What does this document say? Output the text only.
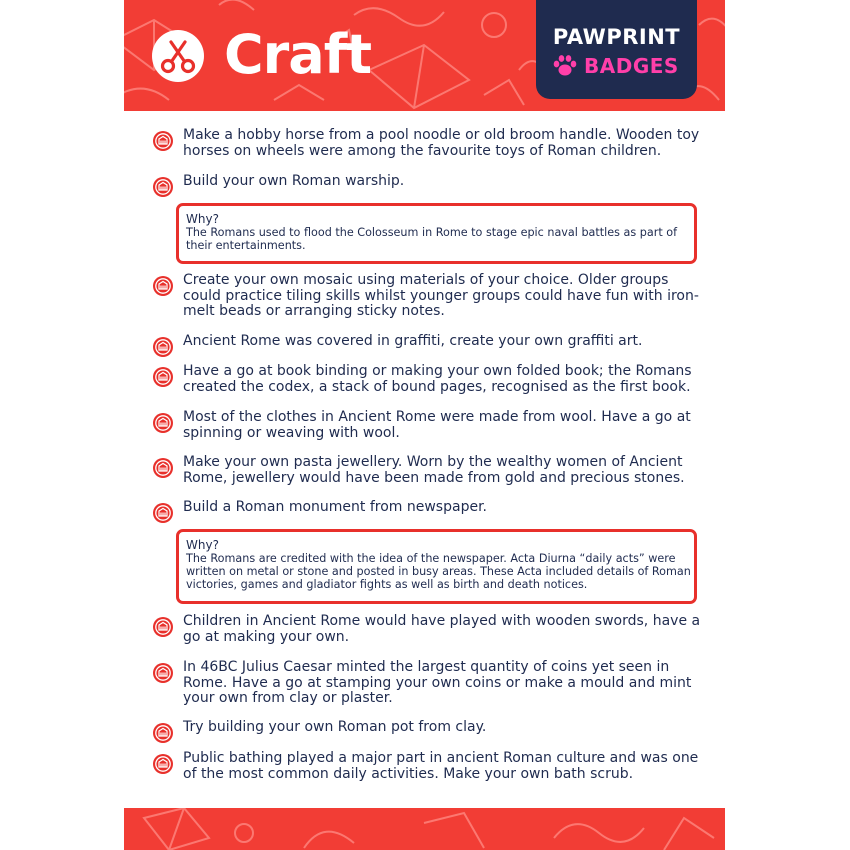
Craft	PAWPRINT
BADGES

Make a hobby horse from a pool noodle or old broom handle. Wooden toy horses on wheels were among the favourite toys of Roman children.

Build your own Roman warship.

Why?

The Romans used to flood the Colosseum in Rome to stage epic naval battles as part of their entertainments.

Create your own mosaic using materials of your choice. Older groups could practice tiling skills whilst younger groups could have fun with iron-melt beads or arranging sticky notes.

Ancient Rome was covered in graffiti, create your own graffiti art.

Have a go at book binding or making your own folded book; the Romans created the codex, a stack of bound pages, recognised as the first book.

Most of the clothes in Ancient Rome were made from wool. Have a go at spinning or weaving with wool.

Make your own pasta jewellery. Worn by the wealthy women of Ancient Rome, jewellery would have been made from gold and precious stones.

Build a Roman monument from newspaper.

Why?

The Romans are credited with the idea of the newspaper. Acta Diurna “daily acts” were written on metal or stone and posted in busy areas. These Acta included details of Roman victories, games and gladiator fights as well as birth and death notices.

Children in Ancient Rome would have played with wooden swords, have a go at making your own.

In 46BC Julius Caesar minted the largest quantity of coins yet seen in Rome. Have a go at stamping your own coins or make a mould and mint your own from clay or plaster.

Try building your own Roman pot from clay.

Public bathing played a major part in ancient Roman culture and was one of the most common daily activities. Make your own bath scrub.
